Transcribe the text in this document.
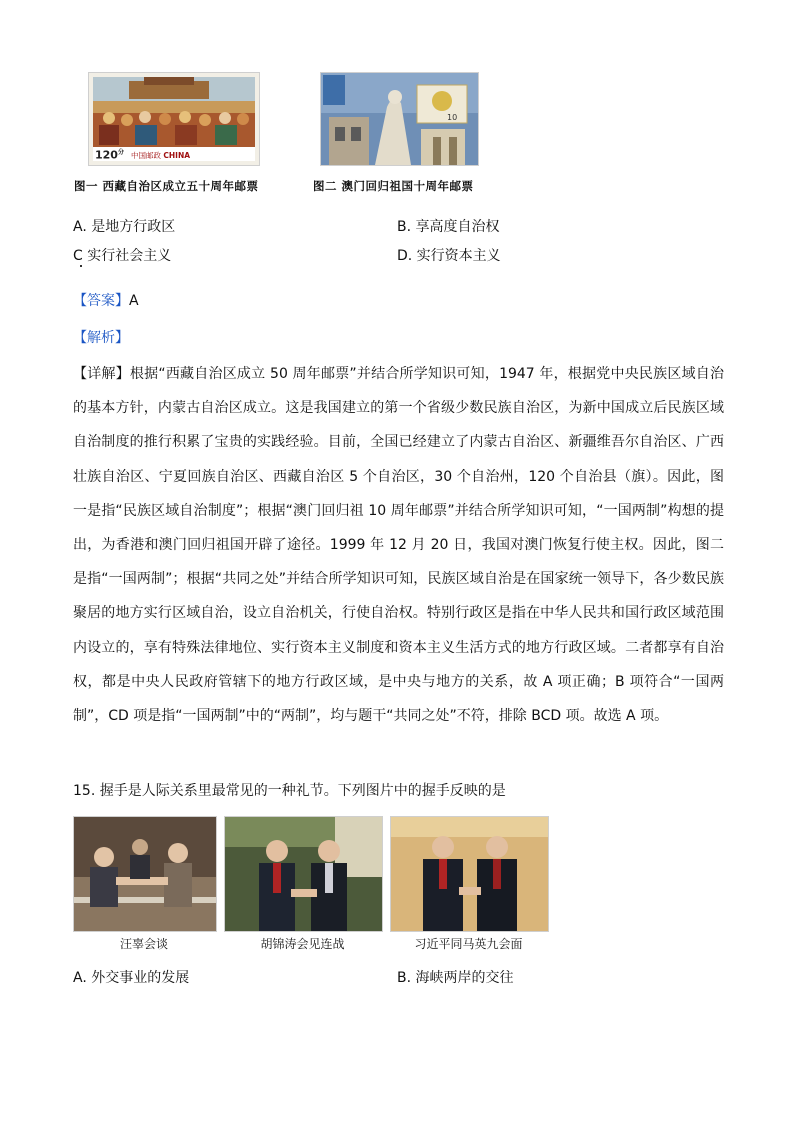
$120^分$ 中国邮政 CHINA
10
图一 西藏自治区成立五十周年邮票	图二 澳门回归祖国十周年邮票
A. 是地方行政区	B. 享高度自治权
C 实行社会主义	D. 实行资本主义
【答案】A
【解析】
【详解】根据“西藏自治区成立 50 周年邮票”并结合所学知识可知，1947 年，根据党中央民族区域自治的基本方针，内蒙古自治区成立。这是我国建立的第一个省级少数民族自治区，为新中国成立后民族区域自治制度的推行积累了宝贵的实践经验。目前，全国已经建立了内蒙古自治区、新疆维吾尔自治区、广西壮族自治区、宁夏回族自治区、西藏自治区 5 个自治区，30 个自治州，120 个自治县（旗）。因此，图一是指“民族区域自治制度”；根据“澳门回归祖 10 周年邮票”并结合所学知识可知，“一国两制”构想的提出，为香港和澳门回归祖国开辟了途径。1999 年 12 月 20 日，我国对澳门恢复行使主权。因此，图二是指“一国两制”；根据“共同之处”并结合所学知识可知，民族区域自治是在国家统一领导下，各少数民族聚居的地方实行区域自治，设立自治机关，行使自治权。特别行政区是指在中华人民共和国行政区域范围内设立的，享有特殊法律地位、实行资本主义制度和资本主义生活方式的地方行政区域。二者都享有自治权，都是中央人民政府管辖下的地方行政区域，是中央与地方的关系，故 A 项正确；B 项符合“一国两制”，CD 项是指“一国两制”中的“两制”，均与题干“共同之处”不符，排除 BCD 项。故选 A 项。
15. 握手是人际关系里最常见的一种礼节。下列图片中的握手反映的是
汪辜会谈	胡锦涛会见连战	习近平同马英九会面
A. 外交事业的发展	B. 海峡两岸的交往
